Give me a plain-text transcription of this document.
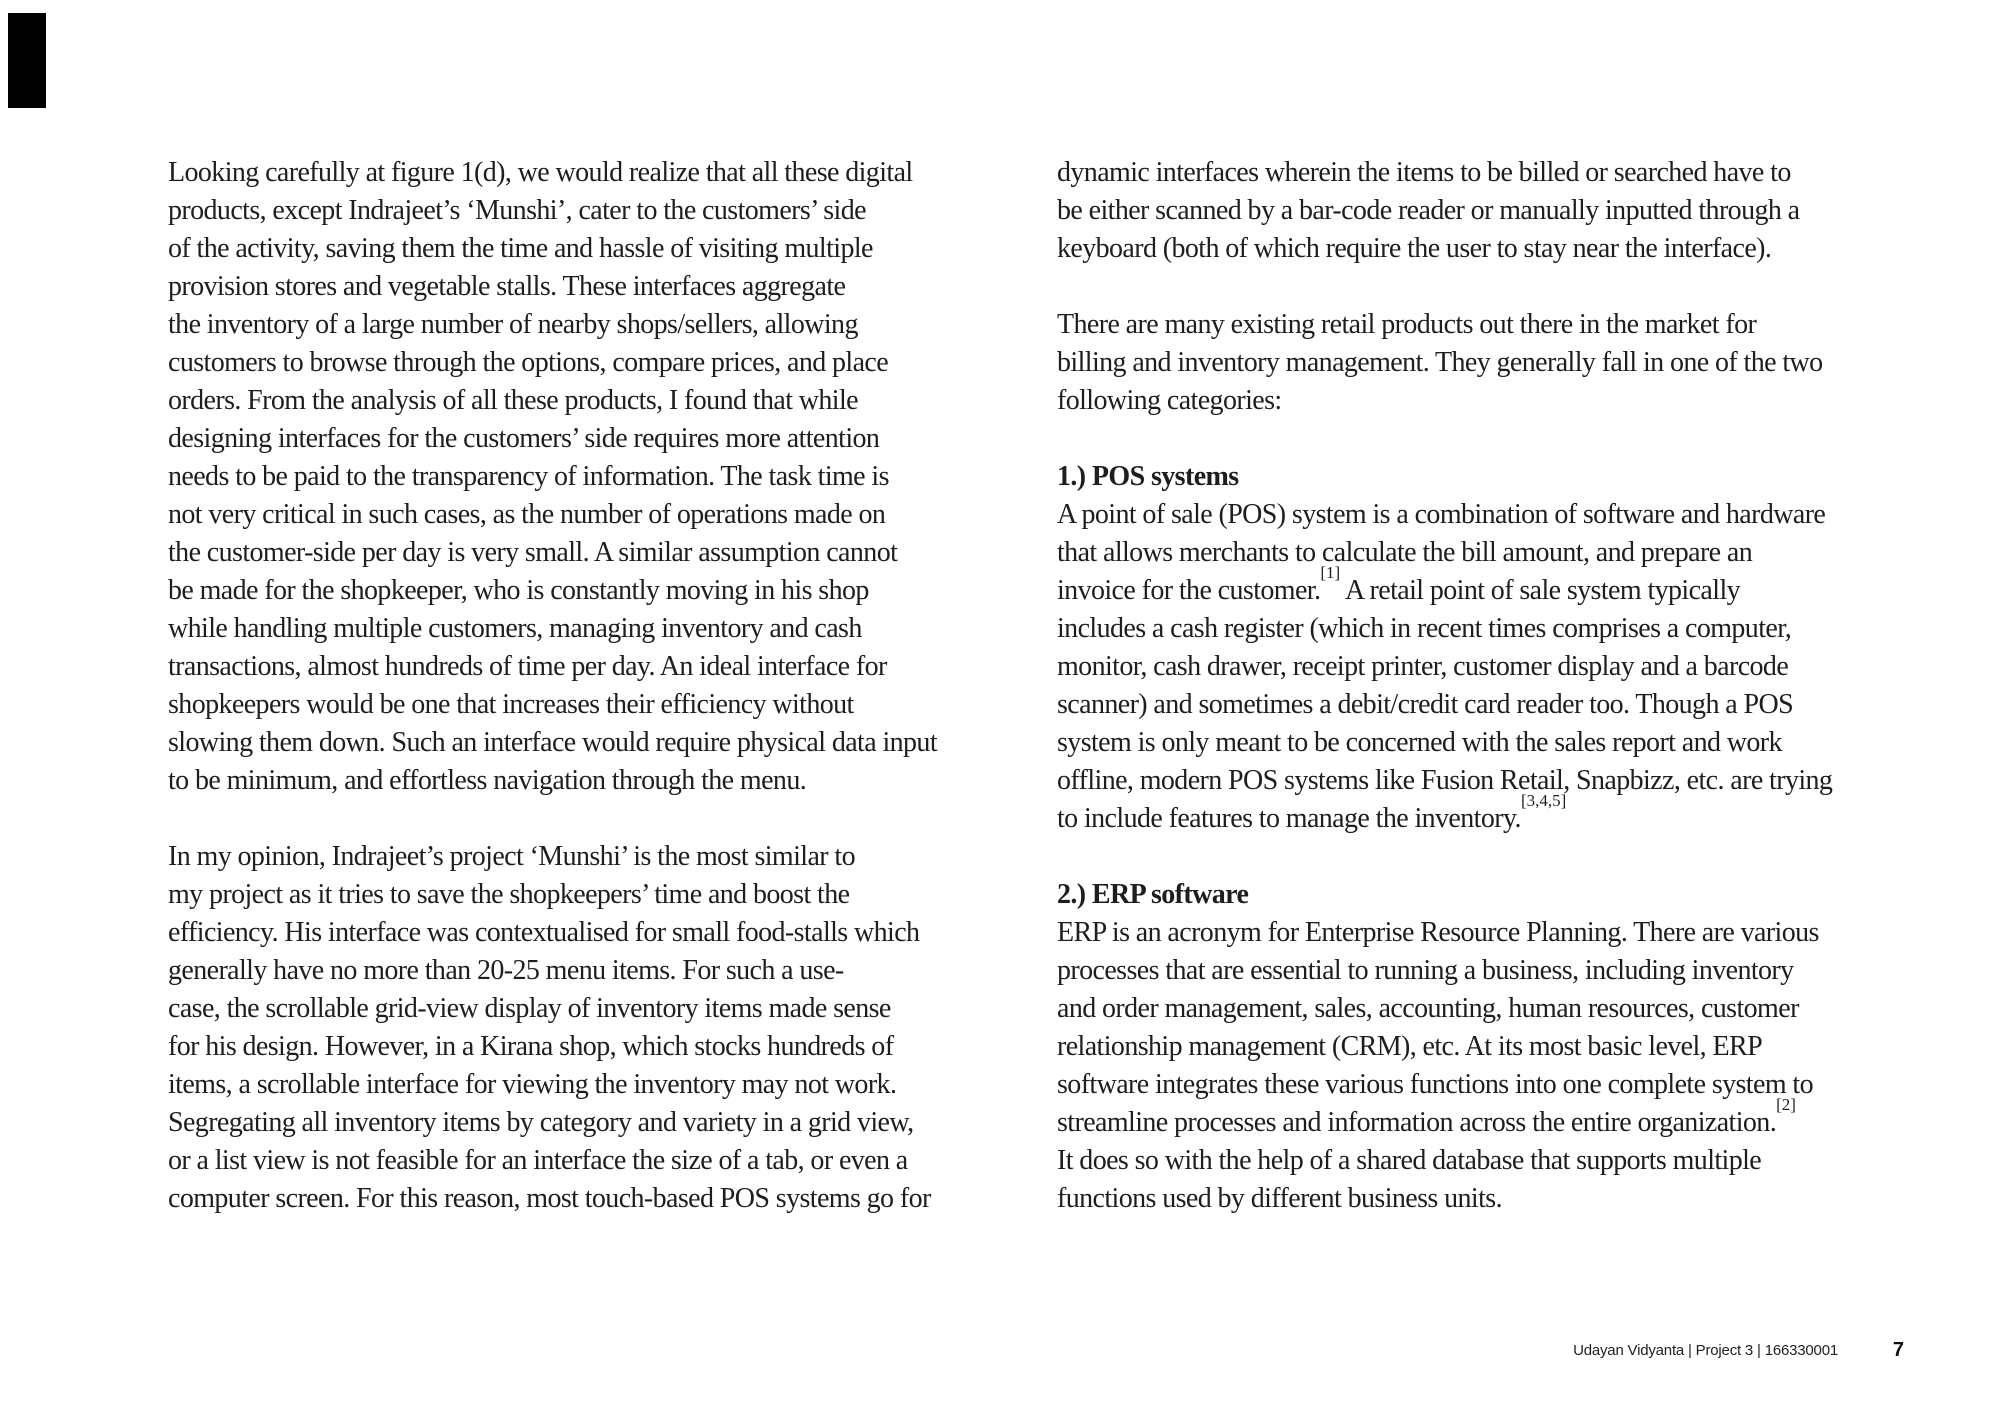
Looking carefully at figure 1(d), we would realize that all these digital
products, except Indrajeet’s ‘Munshi’, cater to the customers’ side
of the activity, saving them the time and hassle of visiting multiple
provision stores and vegetable stalls. These interfaces aggregate
the inventory of a large number of nearby shops/sellers, allowing
customers to browse through the options, compare prices, and place
orders. From the analysis of all these products, I found that while
designing interfaces for the customers’ side requires more attention
needs to be paid to the transparency of information. The task time is
not very critical in such cases, as the number of operations made on
the customer-side per day is very small. A similar assumption cannot
be made for the shopkeeper, who is constantly moving in his shop
while handling multiple customers, managing inventory and cash
transactions, almost hundreds of time per day. An ideal interface for
shopkeepers would be one that increases their efficiency without
slowing them down. Such an interface would require physical data input
to be minimum, and effortless navigation through the menu.
In my opinion, Indrajeet’s project ‘Munshi’ is the most similar to
my project as it tries to save the shopkeepers’ time and boost the
efficiency. His interface was contextualised for small food-stalls which
generally have no more than 20-25 menu items. For such a use-
case, the scrollable grid-view display of inventory items made sense
for his design. However, in a Kirana shop, which stocks hundreds of
items, a scrollable interface for viewing the inventory may not work.
Segregating all inventory items by category and variety in a grid view,
or a list view is not feasible for an interface the size of a tab, or even a
computer screen. For this reason, most touch-based POS systems go for
dynamic interfaces wherein the items to be billed or searched have to
be either scanned by a bar-code reader or manually inputted through a
keyboard (both of which require the user to stay near the interface).
There are many existing retail products out there in the market for
billing and inventory management. They generally fall in one of the two
following categories:
1.) POS systems
A point of sale (POS) system is a combination of software and hardware
that allows merchants to calculate the bill amount, and prepare an
invoice for the customer.[1] A retail point of sale system typically
includes a cash register (which in recent times comprises a computer,
monitor, cash drawer, receipt printer, customer display and a barcode
scanner) and sometimes a debit/credit card reader too. Though a POS
system is only meant to be concerned with the sales report and work
offline, modern POS systems like Fusion Retail, Snapbizz, etc. are trying
to include features to manage the inventory.[3,4,5]
2.) ERP software
ERP is an acronym for Enterprise Resource Planning. There are various
processes that are essential to running a business, including inventory
and order management, sales, accounting, human resources, customer
relationship management (CRM), etc. At its most basic level, ERP
software integrates these various functions into one complete system to
streamline processes and information across the entire organization.[2]
It does so with the help of a shared database that supports multiple
functions used by different business units.
Udayan Vidyanta | Project 3 | 166330001	7
